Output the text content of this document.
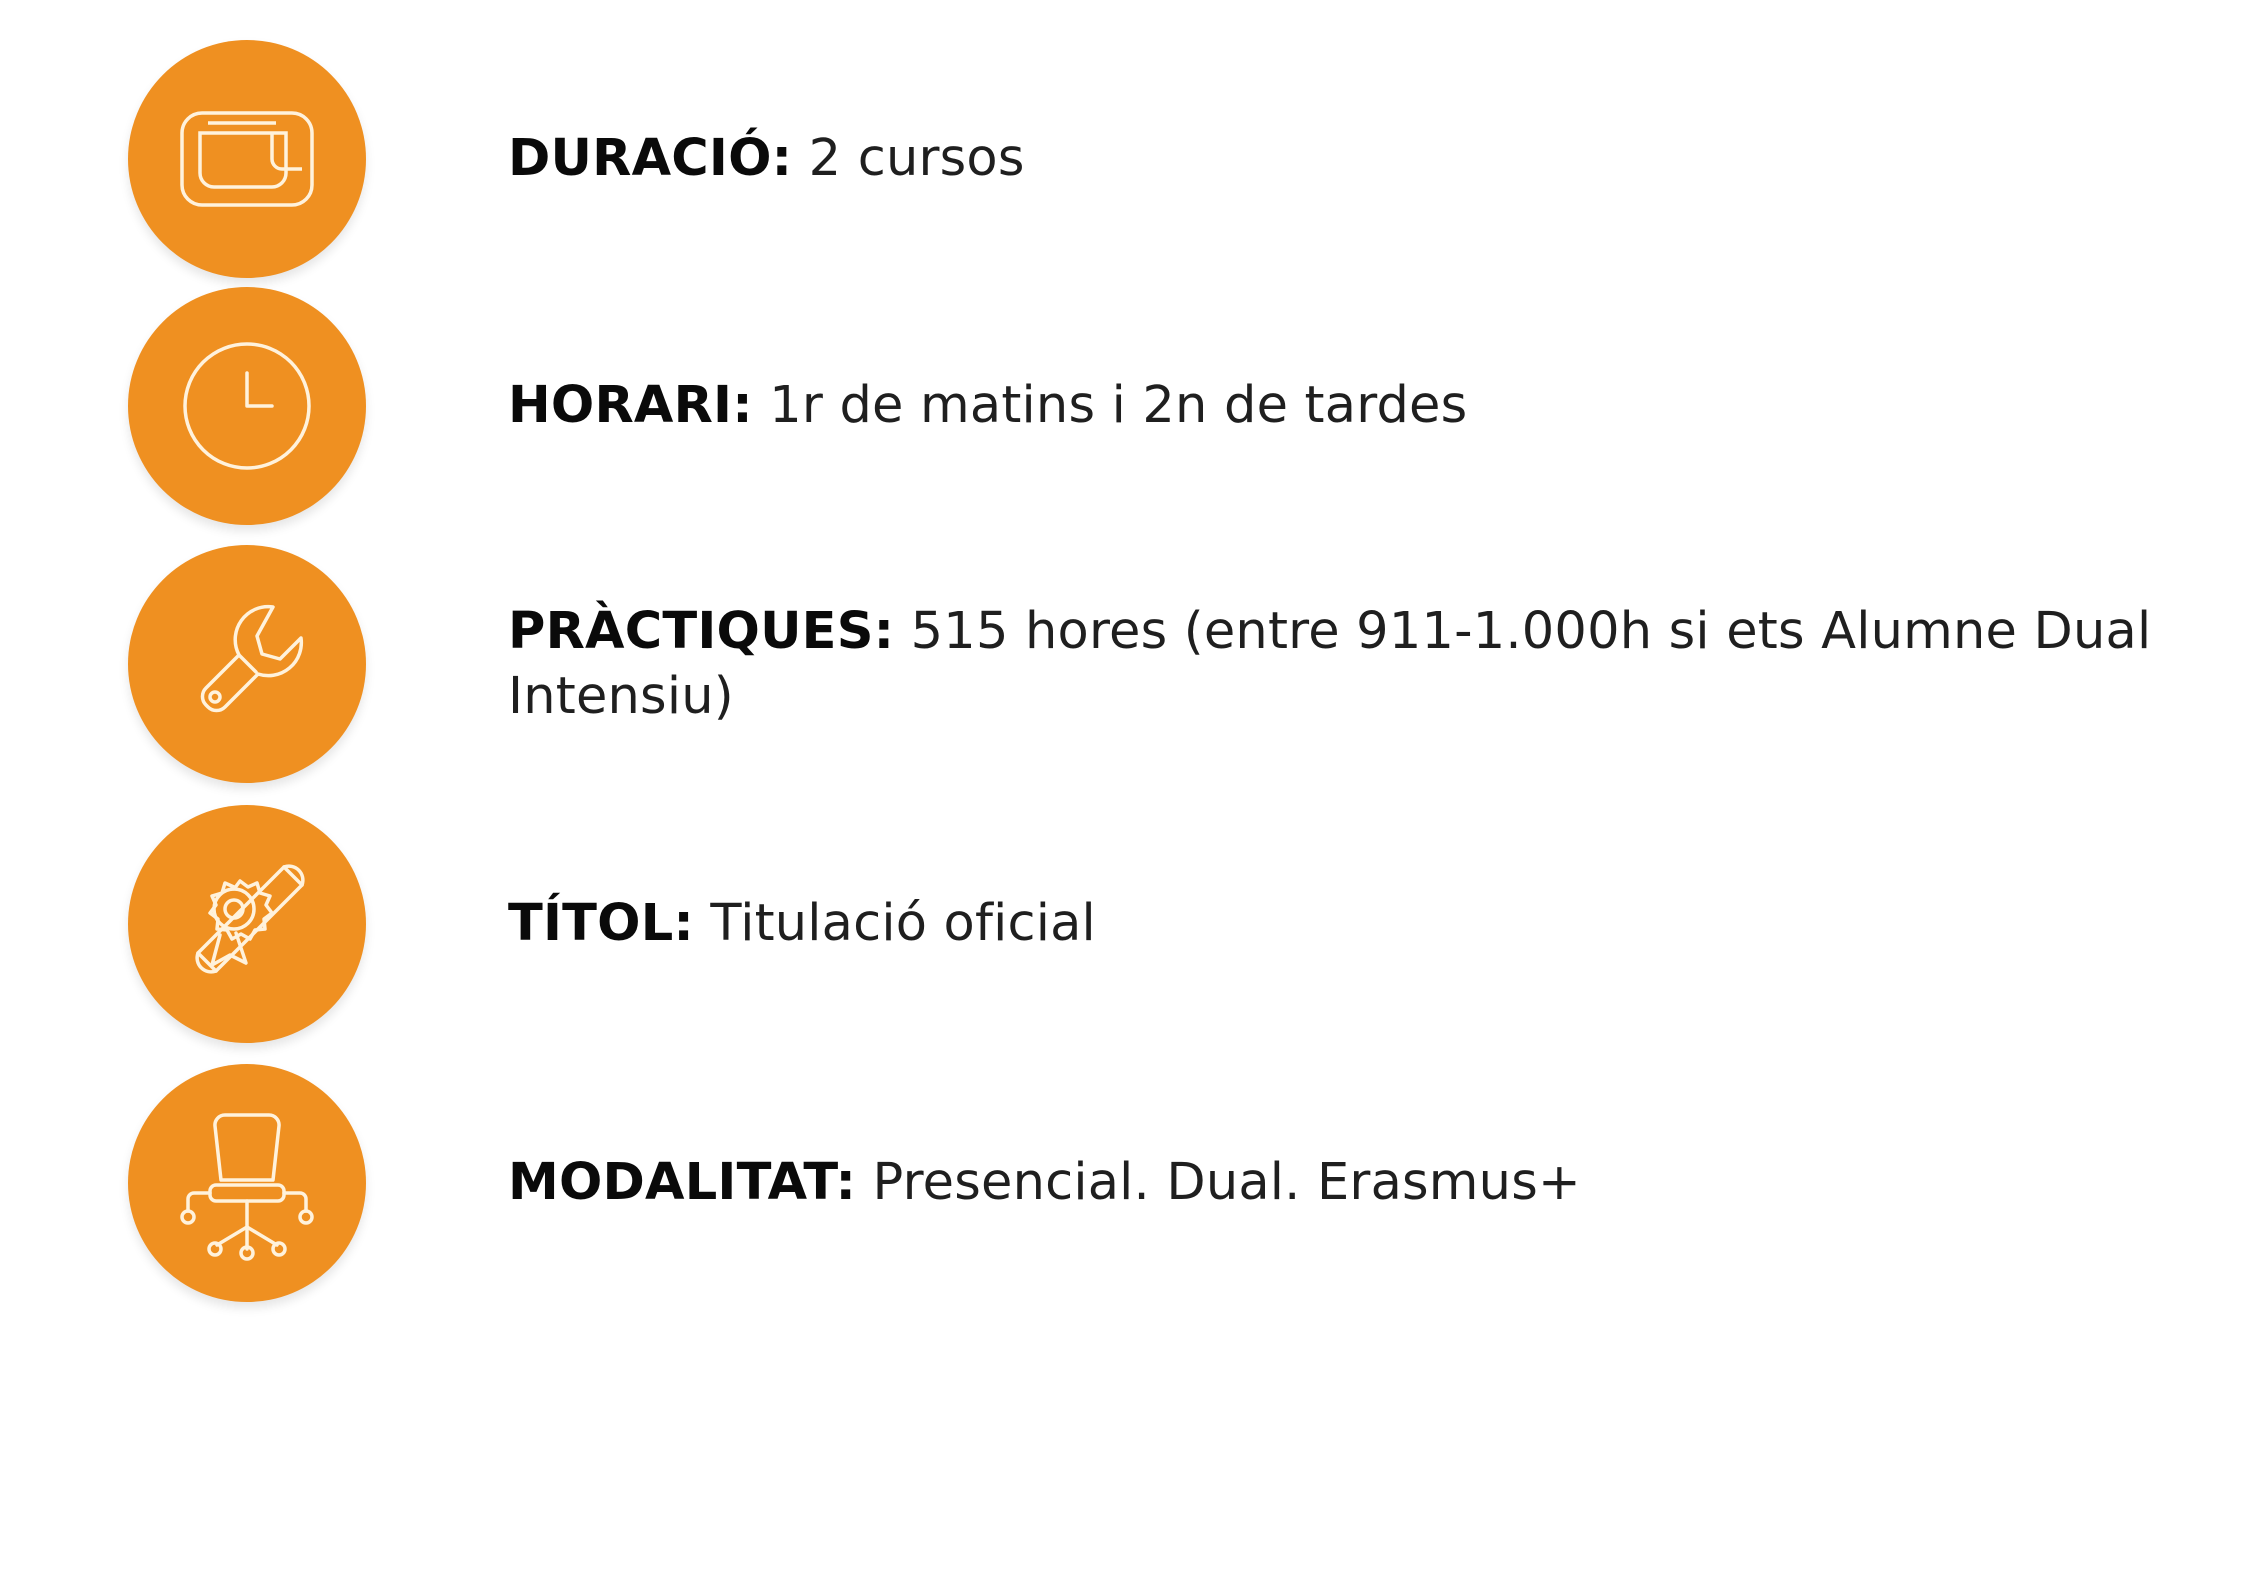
DURACIÓ: 2 cursos
HORARI: 1r de matins i 2n de tardes
PRÀCTIQUES: 515 hores (entre 911-1.000h si ets Alumne Dual Intensiu)
TÍTOL: Titulació oficial
MODALITAT: Presencial. Dual. Erasmus+
